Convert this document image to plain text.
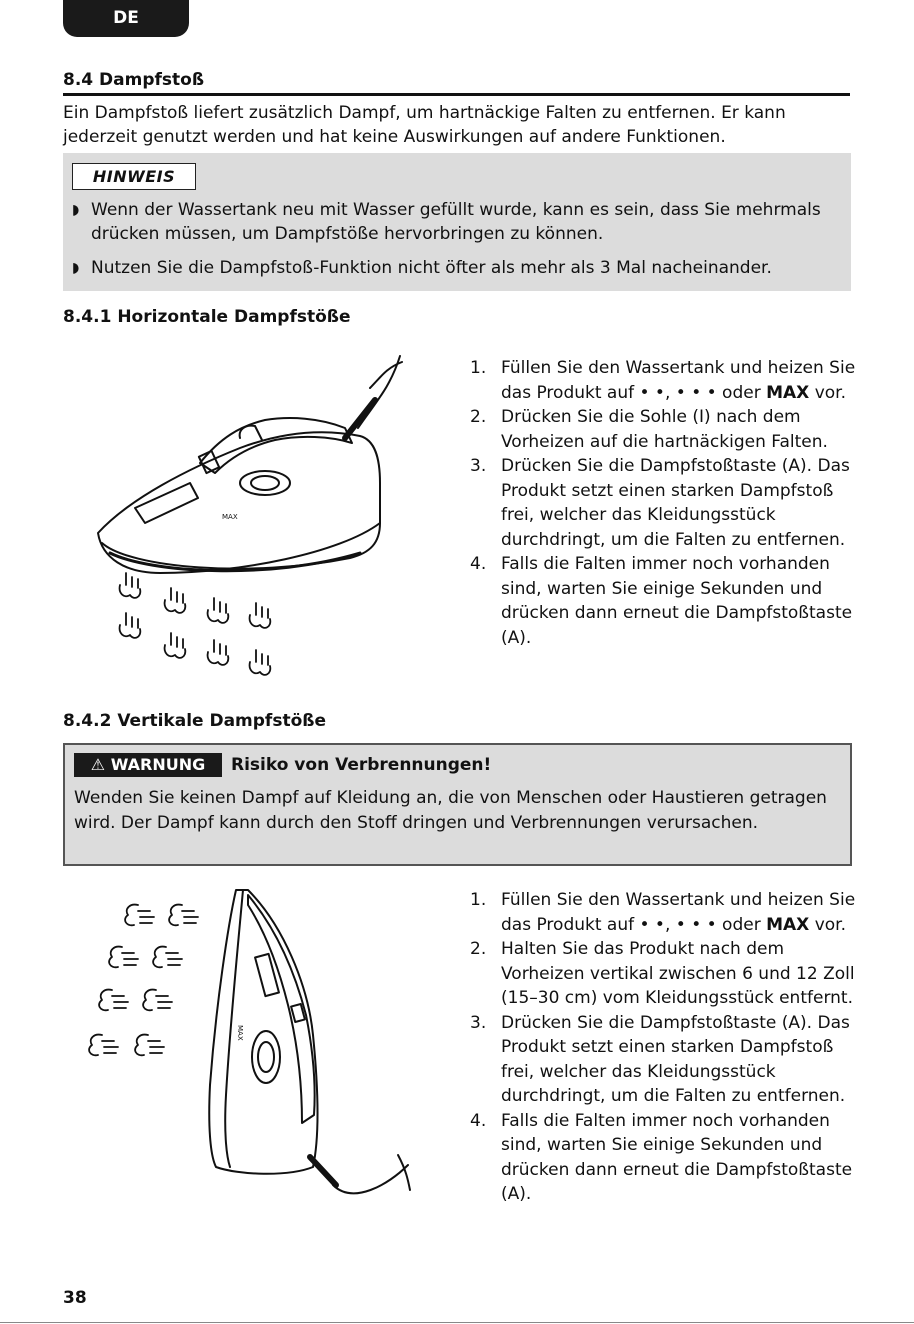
DE
8.4 Dampfstoß
Ein Dampfstoß liefert zusätzlich Dampf, um hartnäckige Falten zu entfernen. Er kann jederzeit genutzt werden und hat keine Auswirkungen auf andere Funktionen.
HINWEIS
◗ Wenn der Wassertank neu mit Wasser gefüllt wurde, kann es sein, dass Sie mehrmals drücken müssen, um Dampfstöße hervorbringen zu können.
◗ Nutzen Sie die Dampfstoß-Funktion nicht öfter als mehr als 3 Mal nacheinander.
8.4.1 Horizontale Dampfstöße
MAX
1. Füllen Sie den Wassertank und heizen Sie das Produkt auf • •, • • • oder MAX vor.
2. Drücken Sie die Sohle (I) nach dem Vorheizen auf die hartnäckigen Falten.
3. Drücken Sie die Dampfstoßtaste (A). Das Produkt setzt einen starken Dampfstoß frei, welcher das Kleidungsstück durchdringt, um die Falten zu entfernen.
4. Falls die Falten immer noch vorhanden sind, warten Sie einige Sekunden und drücken dann erneut die Dampfstoßtaste (A).
8.4.2 Vertikale Dampfstöße
⚠ WARNUNG	Risiko von Verbrennungen!
Wenden Sie keinen Dampf auf Kleidung an, die von Menschen oder Haustieren getragen wird. Der Dampf kann durch den Stoff dringen und Verbrennungen verursachen.
MAX
1. Füllen Sie den Wassertank und heizen Sie das Produkt auf • •, • • • oder MAX vor.
2. Halten Sie das Produkt nach dem Vorheizen vertikal zwischen 6 und 12 Zoll (15–30 cm) vom Kleidungsstück entfernt.
3. Drücken Sie die Dampfstoßtaste (A). Das Produkt setzt einen starken Dampfstoß frei, welcher das Kleidungsstück durchdringt, um die Falten zu entfernen.
4. Falls die Falten immer noch vorhanden sind, warten Sie einige Sekunden und drücken dann erneut die Dampfstoßtaste (A).
38
